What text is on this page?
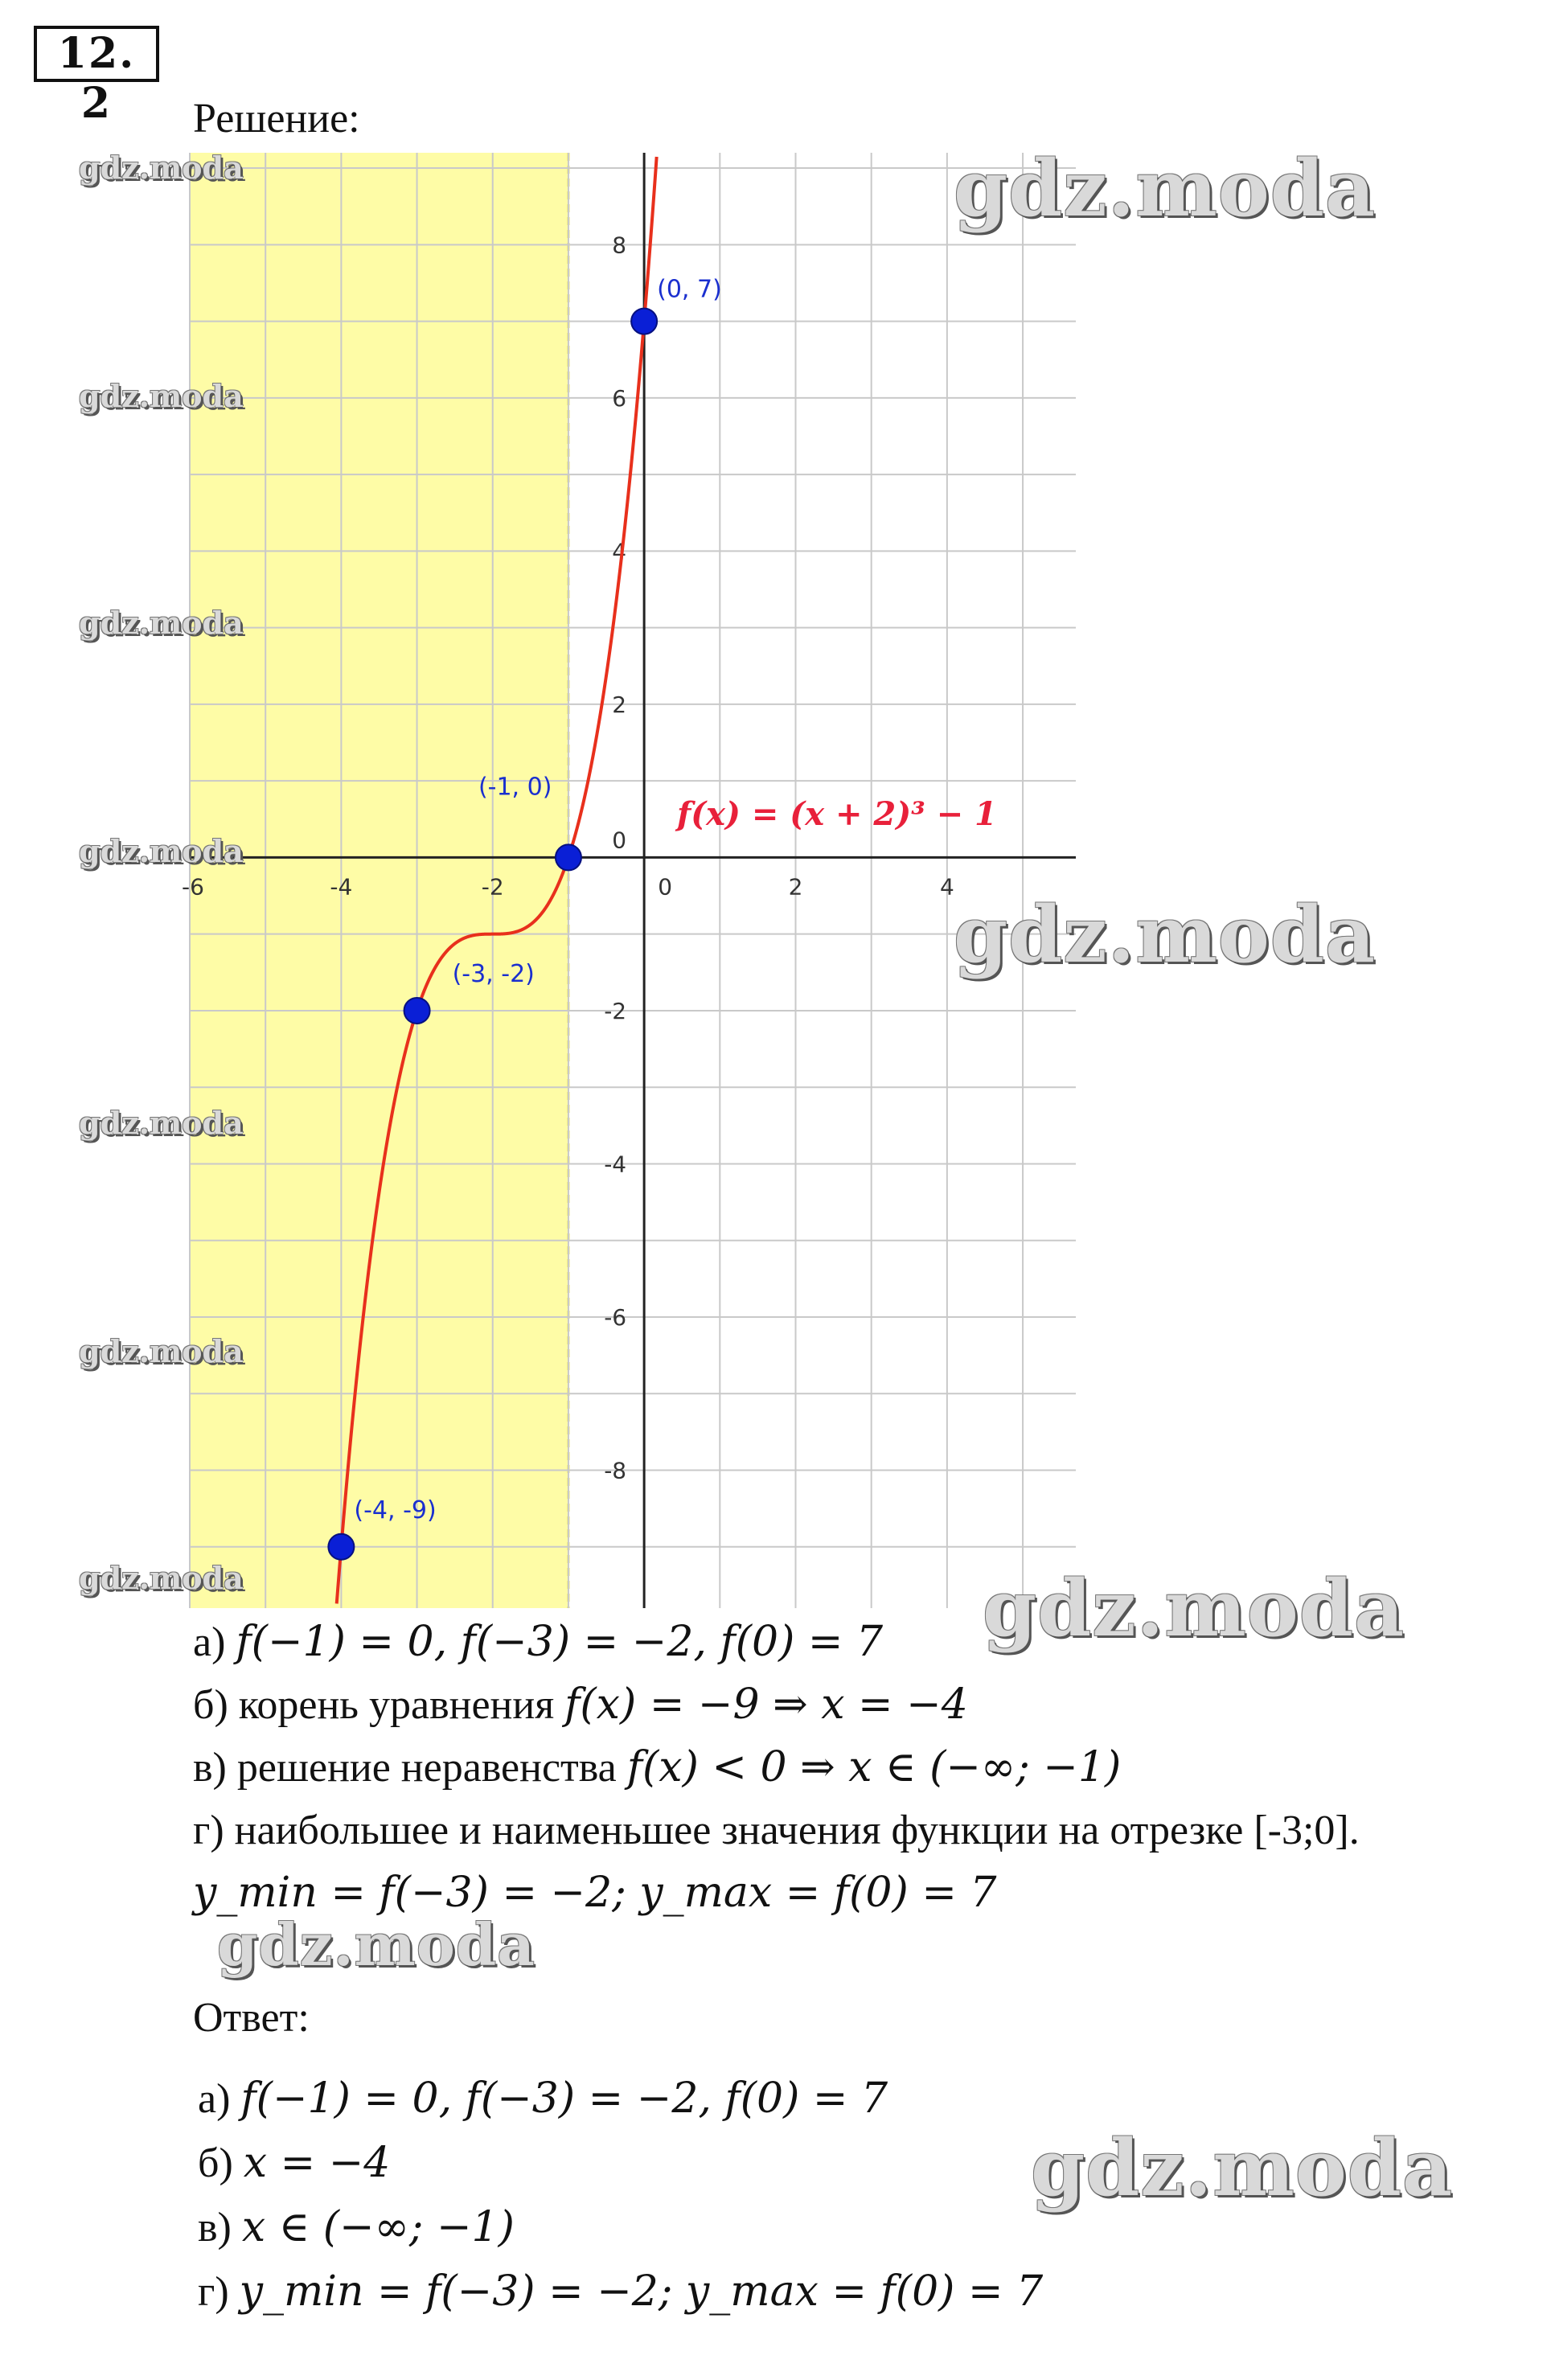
12. 2	Решение:
-6	-4	-2	0	2	4
-8
-6
-4
-2
0
2
4
6
8
(0, 7)
(-1, 0)
(-3, -2)
(-4, -9)
f(x) = (x + 2)³ − 1
gdz.moda
gdz.moda
gdz.moda
gdz.moda
gdz.moda
gdz.moda
gdz.moda
gdz.moda
gdz.moda
gdz.moda
gdz.moda
gdz.moda
а) f(−1) = 0, f(−3) = −2, f(0) = 7
б) корень уравнения f(x) = −9 ⇒ x = −4
в) решение неравенства f(x) < 0 ⇒ x ∈ (−∞; −1)
г) наибольшее и наименьшее значения функции на отрезке [-3;0].
y_min = f(−3) = −2; y_max = f(0) = 7
Ответ:
а) f(−1) = 0, f(−3) = −2, f(0) = 7
б) x = −4
в) x ∈ (−∞; −1)
г) y_min = f(−3) = −2; y_max = f(0) = 7
